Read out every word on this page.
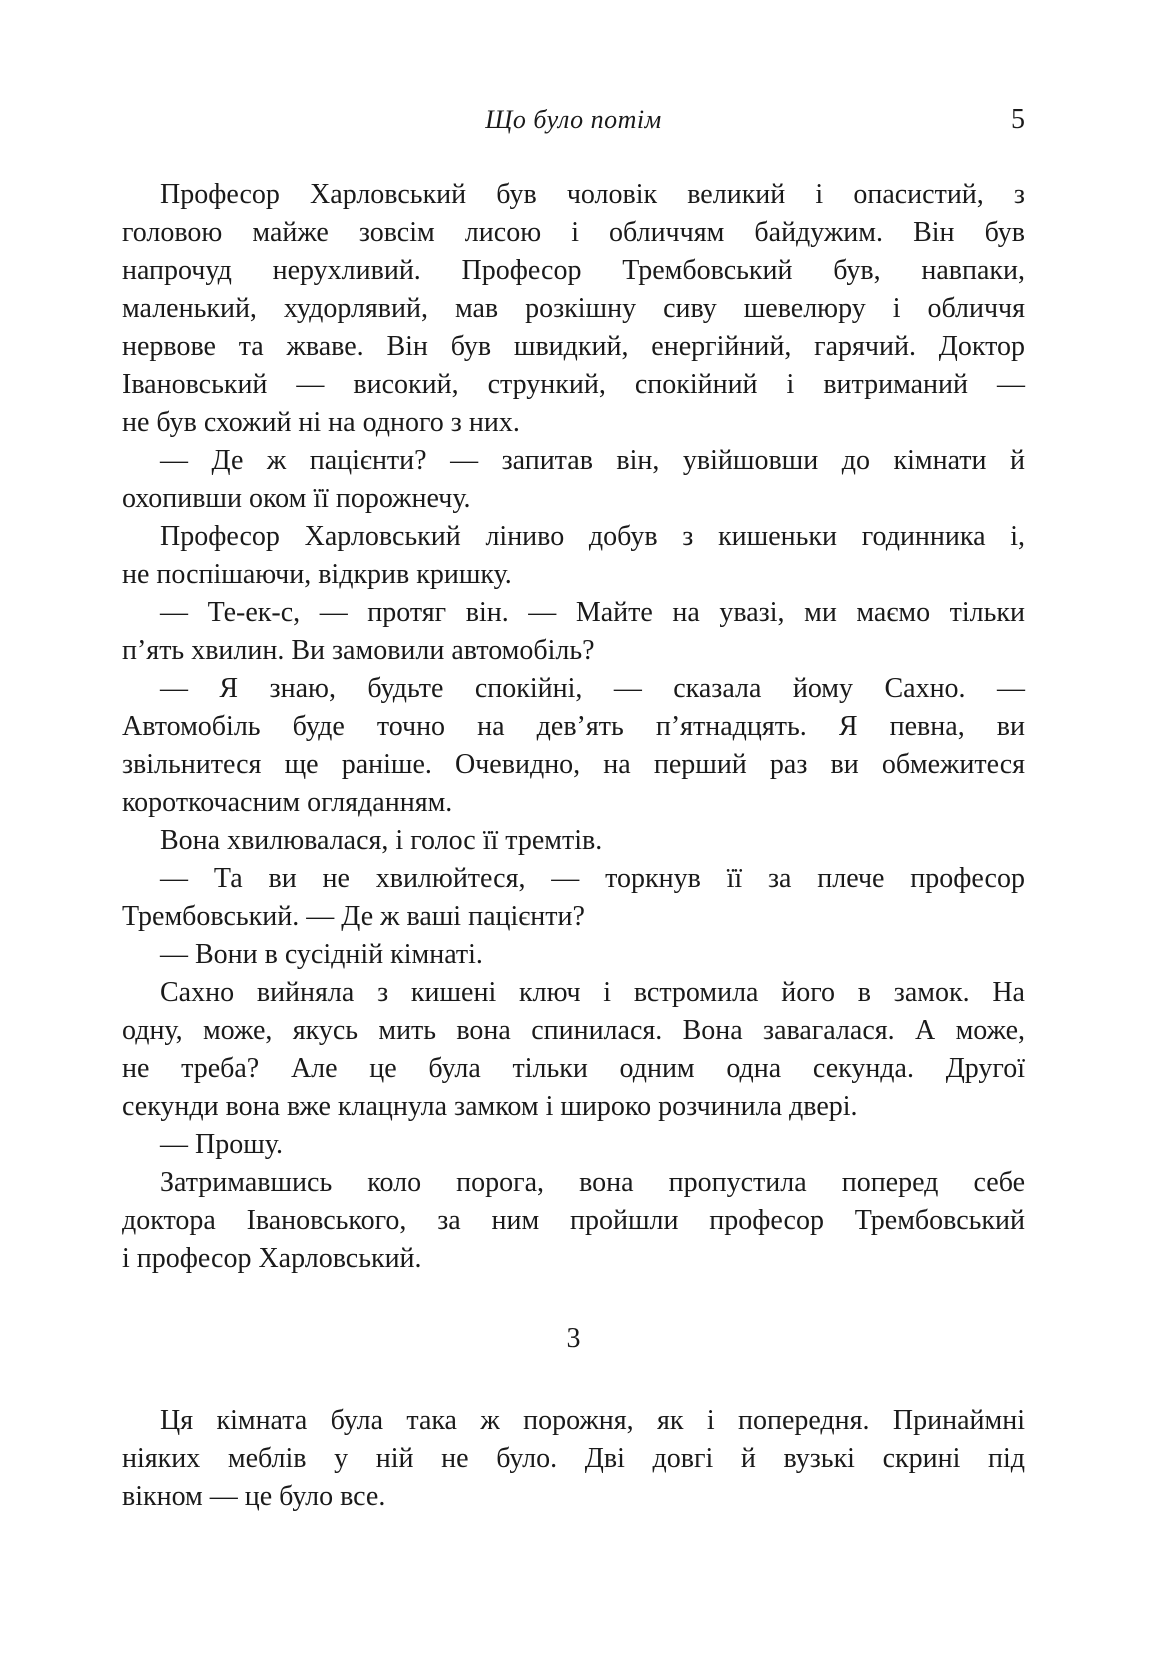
Що було потім	5
Професор Харловський був чоловік великий і опасистий, з
головою майже зовсім лисою і обличчям байдужим. Він був
напрочуд нерухливий. Професор Трембовський був, навпаки,
маленький, худорлявий, мав розкішну сиву шевелюру і обличчя
нервове та жваве. Він був швидкий, енергійний, гарячий. Доктор
Івановський — високий, стрункий, спокійний і витриманий —
не був схожий ні на одного з них.
— Де ж пацієнти? — запитав він, увійшовши до кімнати й
охопивши оком її порожнечу.
Професор Харловський ліниво добув з кишеньки годинника і,
не поспішаючи, відкрив кришку.
— Те-ек-с, — протяг він. — Майте на увазі, ми маємо тільки
п’ять хвилин. Ви замовили автомобіль?
— Я знаю, будьте спокійні, — сказала йому Сахно. —
Автомобіль буде точно на дев’ять п’ятнадцять. Я певна, ви
звільнитеся ще раніше. Очевидно, на перший раз ви обмежитеся
короткочасним огляданням.
Вона хвилювалася, і голос її тремтів.
— Та ви не хвилюйтеся, — торкнув її за плече професор
Трембовський. — Де ж ваші пацієнти?
— Вони в сусідній кімнаті.
Сахно вийняла з кишені ключ і встромила його в замок. На
одну, може, якусь мить вона спинилася. Вона завагалася. А може,
не треба? Але це була тільки одним одна секунда. Другої
секунди вона вже клацнула замком і широко розчинила двері.
— Прошу.
Затримавшись коло порога, вона пропустила поперед себе
доктора Івановського, за ним пройшли професор Трембовський
і професор Харловський.
3
Ця кімната була така ж порожня, як і попередня. Принаймні
ніяких меблів у ній не було. Дві довгі й вузькі скрині під
вікном — це було все.
